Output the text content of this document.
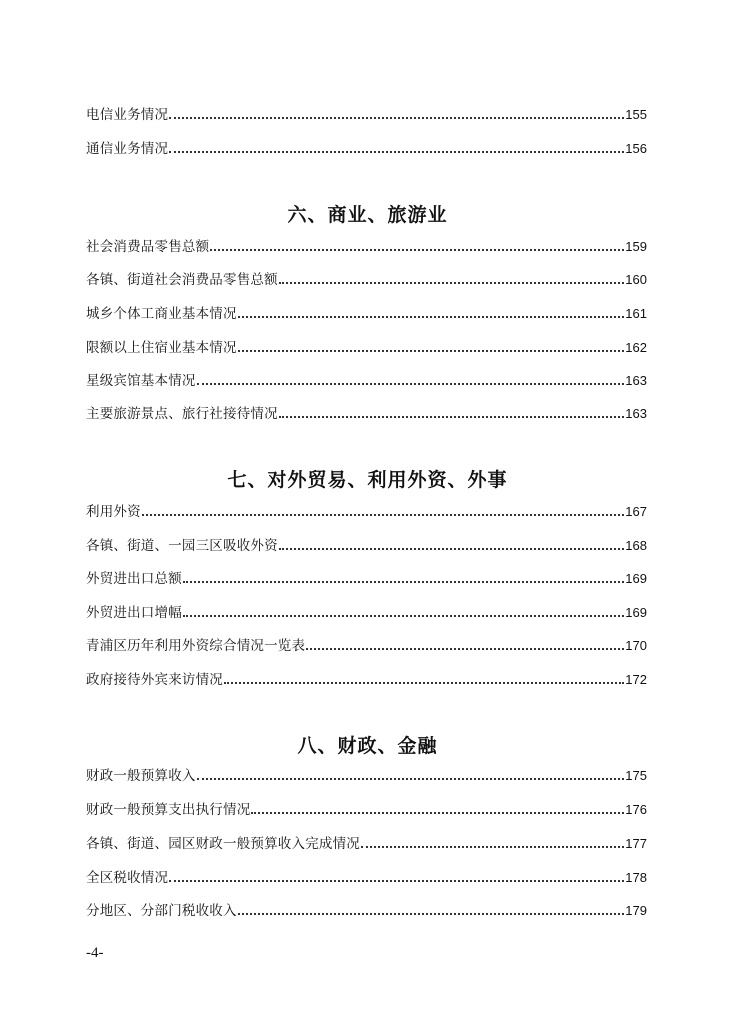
电信业务情况	155
通信业务情况	156
六、商业、旅游业
社会消费品零售总额	159
各镇、街道社会消费品零售总额	160
城乡个体工商业基本情况	161
限额以上住宿业基本情况	162
星级宾馆基本情况	163
主要旅游景点、旅行社接待情况	163
七、对外贸易、利用外资、外事
利用外资	167
各镇、街道、一园三区吸收外资	168
外贸进出口总额	169
外贸进出口增幅	169
青浦区历年利用外资综合情况一览表	170
政府接待外宾来访情况	172
八、财政、金融
财政一般预算收入	175
财政一般预算支出执行情况	176
各镇、街道、园区财政一般预算收入完成情况	177
全区税收情况	178
分地区、分部门税收收入	179
-4-
